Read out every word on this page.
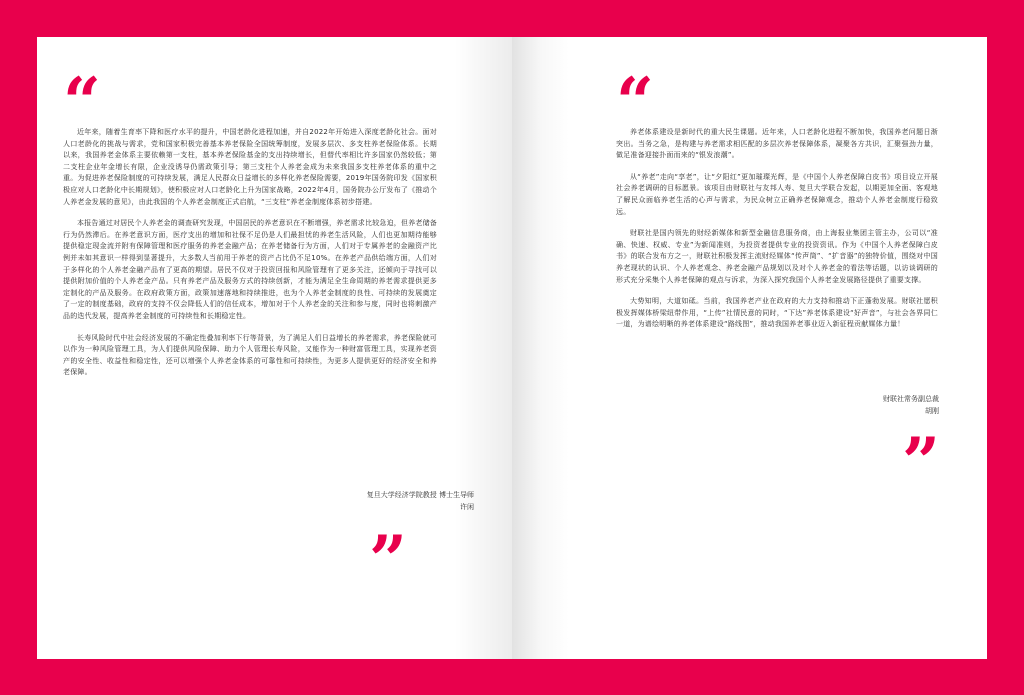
“

近年来，随着生育率下降和医疗水平的提升，中国老龄化进程加速，并自2022年开始进入深度老龄化社会。面对人口老龄化的挑战与需求，党和国家积极完善基本养老保险全国统筹制度，发展多层次、多支柱养老保险体系。长期以来，我国养老金体系主要依赖第一支柱，基本养老保险基金的支出持续增长，但替代率相比许多国家仍然较低；第二支柱企业年金增长有限，企业没诱导仍需政策引导；第三支柱个人养老金成为未来我国多支柱养老体系的重中之重。为促进养老保险制度的可持续发展，满足人民群众日益增长的多样化养老保险需要，2019年国务院印发《国家积极应对人口老龄化中长期规划》，使积极应对人口老龄化上升为国家战略，2022年4月，国务院办公厅发布了《推动个人养老金发展的意见》，由此我国的个人养老金制度正式启航，“三支柱”养老金制度体系初步搭建。

本报告通过对居民个人养老金的调查研究发现，中国居民的养老意识在不断增强，养老需求比较急迫，但养老储备行为仍然滞后。在养老意识方面，医疗支出的增加和社保不足仍是人们最担忧的养老生活风险，人们也更加期待能够提供稳定现金流并附有保障管理和医疗服务的养老金融产品；在养老储备行为方面，人们对于专属养老的金融资产比例并未如其意识一样得到显著提升，大多数人当前用于养老的资产占比仍不足10%。在养老产品供给端方面，人们对于多样化的个人养老金融产品有了更高的期望。居民不仅对于投资回报和风险管理有了更多关注，还倾向于寻找可以提供附加价值的个人养老金产品。只有养老产品及服务方式的持续创新，才能为满足全生命周期的养老需求提供更多定制化的产品及服务。在政府政策方面，政策加速落地和持续推进，也为个人养老金制度的良性、可持续的发展奠定了一定的制度基础，政府的支持不仅会降低人们的信任成本，增加对于个人养老金的关注和参与度，同时也将刺激产品的迭代发展，提高养老金制度的可持续性和长期稳定性。

长寿风险时代中社会经济发展的不确定性叠加利率下行等背景，为了满足人们日益增长的养老需求，养老保险就可以作为一种风险管理工具，为人们提供风险保障、助力个人管理长寿风险，又能作为一种财富管理工具，实现养老资产的安全性、收益性和稳定性，还可以增强个人养老金体系的可靠性和可持续性，为更多人提供更好的经济安全和养老保障。

复旦大学经济学院教授 博士生导师
许闲
”
“

养老体系建设是新时代的重大民生课题。近年来，人口老龄化进程不断加快，我国养老问题日渐突出。当务之急，是构建与养老需求相匹配的多层次养老保障体系，凝聚各方共识，汇聚强劲力量，做足准备迎接扑面而来的“银发浪潮”。

从“养老”走向“享老”，让“夕阳红”更加璀璨光辉，是《中国个人养老保障白皮书》项目设立开展社会养老调研的目标愿景。该项目由财联社与友邦人寿、复旦大学联合发起，以期更加全面、客观地了解民众面临养老生活的心声与需求，为民众树立正确养老保障观念，推动个人养老金制度行稳致远。

财联社是国内领先的财经新媒体和新型金融信息服务商，由上海报业集团主管主办，公司以“准确、快速、权威、专业”为新闻准则，为投资者提供专业的投资资讯。作为《中国个人养老保障白皮书》的联合发布方之一，财联社积极发挥主流财经媒体“传声筒”、“扩音器”的独特价值，围绕对中国养老现状的认识、个人养老观念、养老金融产品规划以及对个人养老金的看法等话题，以访谈调研的形式充分采集个人养老保障的观点与诉求，为深入探究我国个人养老金发展路径提供了重要支撑。

大势知明，大道如砥。当前，我国养老产业在政府的大力支持和推动下正蓬勃发展。财联社愿积极发挥媒体桥梁纽带作用，“上传”社情民意的同时，“下达”养老体系建设“好声音”，与社会各界同仁一道，为谱绘明晰的养老体系建设“路线图”，推动我国养老事业迈入新征程贡献媒体力量！

财联社常务副总裁
胡刚
”
